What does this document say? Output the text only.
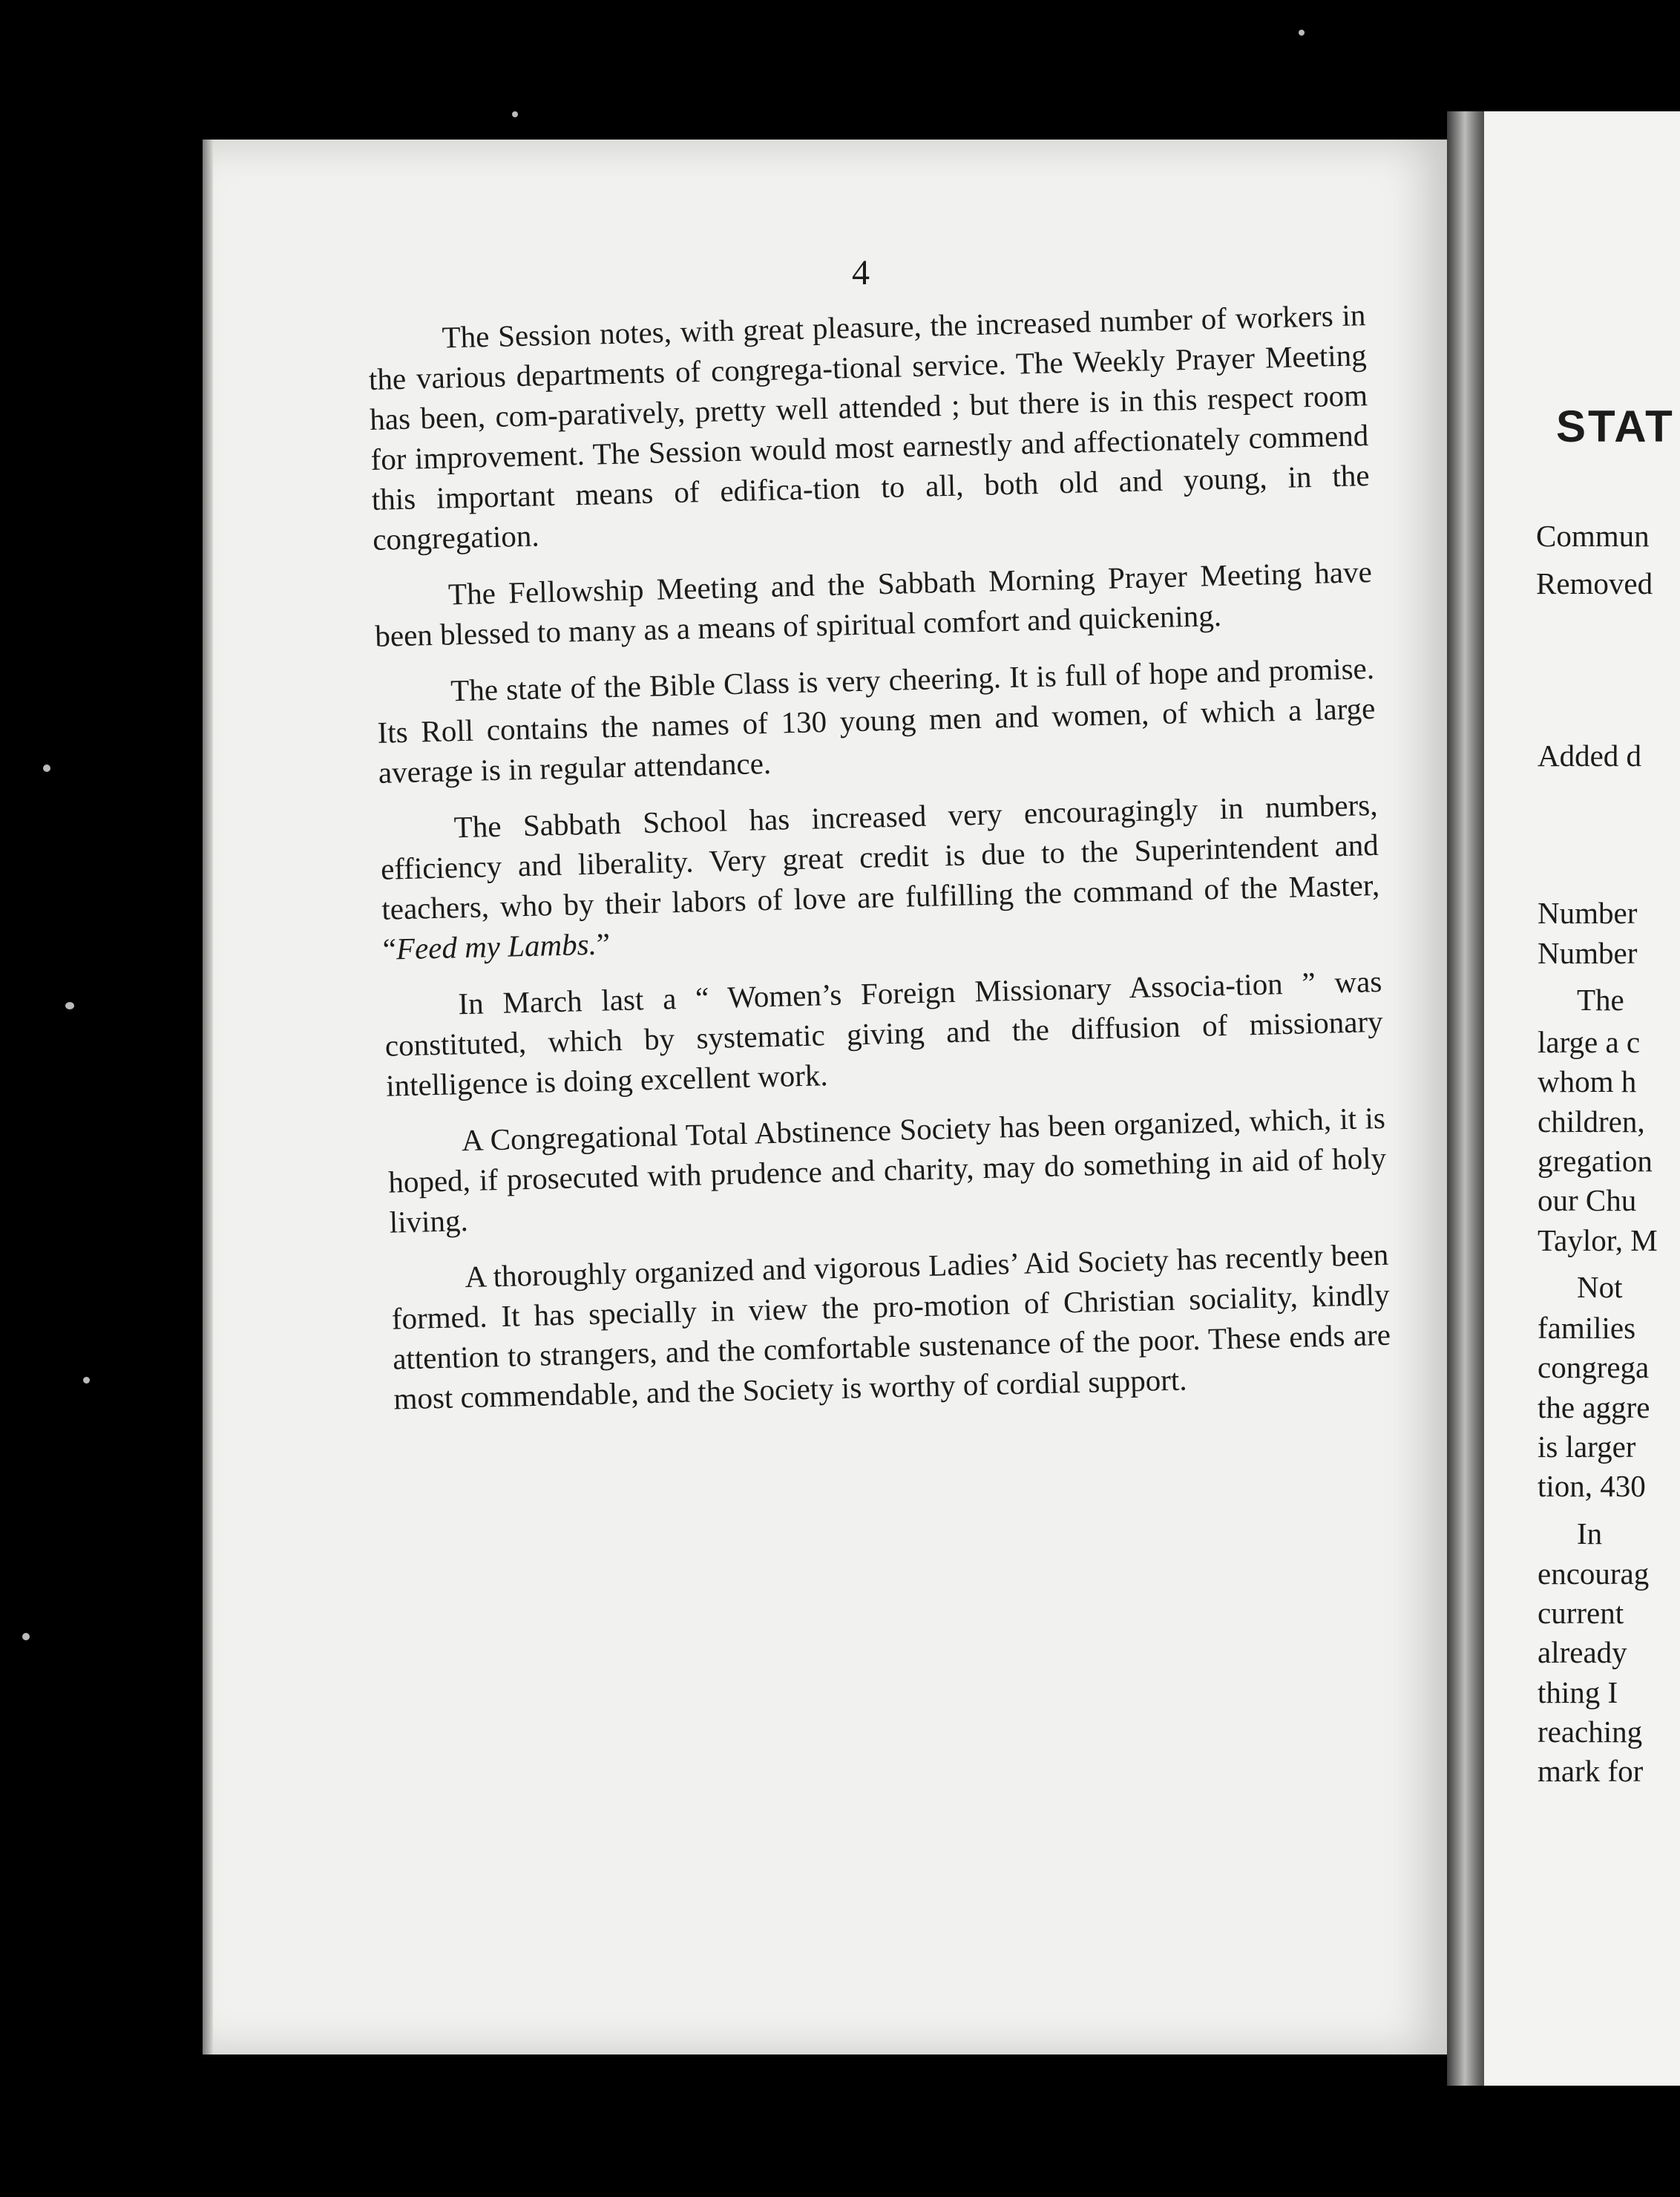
4

The Session notes, with great pleasure, the increased number of workers in the various departments of congrega-tional service. The Weekly Prayer Meeting has been, com-paratively, pretty well attended ; but there is in this respect room for improvement. The Session would most earnestly and affectionately commend this important means of edifica-tion to all, both old and young, in the congregation.

The Fellowship Meeting and the Sabbath Morning Prayer Meeting have been blessed to many as a means of spiritual comfort and quickening.

The state of the Bible Class is very cheering. It is full of hope and promise. Its Roll contains the names of 130 young men and women, of which a large average is in regular attendance.

The Sabbath School has increased very encouragingly in numbers, efficiency and liberality. Very great credit is due to the Superintendent and teachers, who by their labors of love are fulfilling the command of the Master, “Feed my Lambs.”

In March last a “ Women’s Foreign Missionary Associa-tion ” was constituted, which by systematic giving and the diffusion of missionary intelligence is doing excellent work.

A Congregational Total Abstinence Society has been organized, which, it is hoped, if prosecuted with prudence and charity, may do something in aid of holy living.

A thoroughly organized and vigorous Ladies’ Aid Society has recently been formed. It has specially in view the pro-motion of Christian sociality, kindly attention to strangers, and the comfortable sustenance of the poor. These ends are most commendable, and the Society is worthy of cordial support.

STAT
Commun
Removed
Added d
Number
Number
The
large a c
whom h
children,
gregation
our Chu
Taylor, M
Not
families
congrega
the aggre
is larger
tion, 430
In
encourag
current
already
thing I
reaching
mark for
